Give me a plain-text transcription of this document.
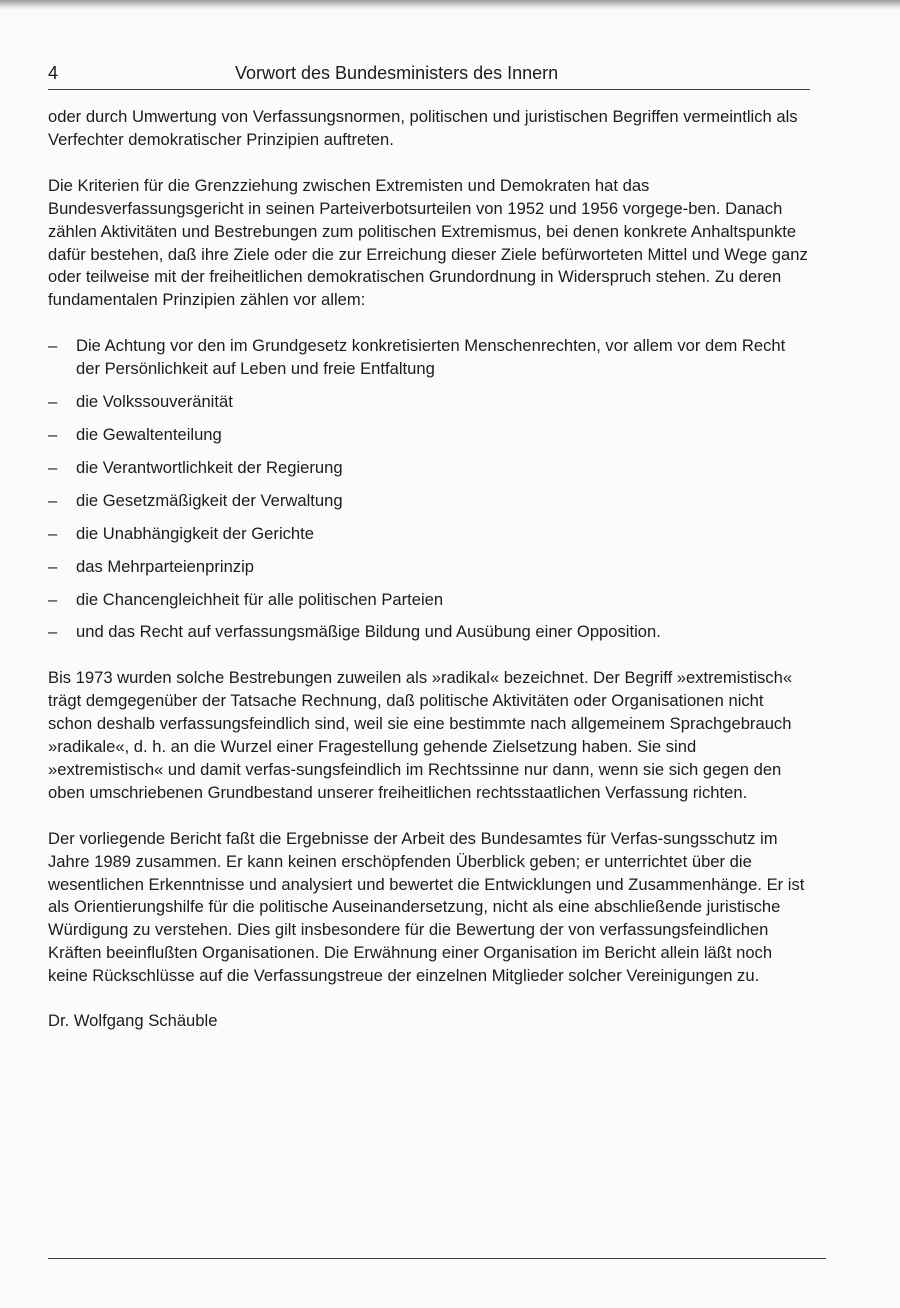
4	Vorwort des Bundesministers des Innern

oder durch Umwertung von Verfassungsnormen, politischen und juristischen Begriffen vermeintlich als Verfechter demokratischer Prinzipien auftreten.

Die Kriterien für die Grenzziehung zwischen Extremisten und Demokraten hat das Bundesverfassungsgericht in seinen Parteiverbotsurteilen von 1952 und 1956 vorgege-ben. Danach zählen Aktivitäten und Bestrebungen zum politischen Extremismus, bei denen konkrete Anhaltspunkte dafür bestehen, daß ihre Ziele oder die zur Erreichung dieser Ziele befürworteten Mittel und Wege ganz oder teilweise mit der freiheitlichen demokratischen Grundordnung in Widerspruch stehen. Zu deren fundamentalen Prinzipien zählen vor allem:

– Die Achtung vor den im Grundgesetz konkretisierten Menschenrechten, vor allem vor dem Recht der Persönlichkeit auf Leben und freie Entfaltung
– die Volkssouveränität
– die Gewaltenteilung
– die Verantwortlichkeit der Regierung
– die Gesetzmäßigkeit der Verwaltung
– die Unabhängigkeit der Gerichte
– das Mehrparteienprinzip
– die Chancengleichheit für alle politischen Parteien
– und das Recht auf verfassungsmäßige Bildung und Ausübung einer Opposition.

Bis 1973 wurden solche Bestrebungen zuweilen als »radikal« bezeichnet. Der Begriff »extremistisch« trägt demgegenüber der Tatsache Rechnung, daß politische Aktivitäten oder Organisationen nicht schon deshalb verfassungsfeindlich sind, weil sie eine bestimmte nach allgemeinem Sprachgebrauch »radikale«, d. h. an die Wurzel einer Fragestellung gehende Zielsetzung haben. Sie sind »extremistisch« und damit verfas-sungsfeindlich im Rechtssinne nur dann, wenn sie sich gegen den oben umschriebenen Grundbestand unserer freiheitlichen rechtsstaatlichen Verfassung richten.

Der vorliegende Bericht faßt die Ergebnisse der Arbeit des Bundesamtes für Verfas-sungsschutz im Jahre 1989 zusammen. Er kann keinen erschöpfenden Überblick geben; er unterrichtet über die wesentlichen Erkenntnisse und analysiert und bewertet die Entwicklungen und Zusammenhänge. Er ist als Orientierungshilfe für die politische Auseinandersetzung, nicht als eine abschließende juristische Würdigung zu verstehen. Dies gilt insbesondere für die Bewertung der von verfassungsfeindlichen Kräften beeinflußten Organisationen. Die Erwähnung einer Organisation im Bericht allein läßt noch keine Rückschlüsse auf die Verfassungstreue der einzelnen Mitglieder solcher Vereinigungen zu.

Dr. Wolfgang Schäuble
